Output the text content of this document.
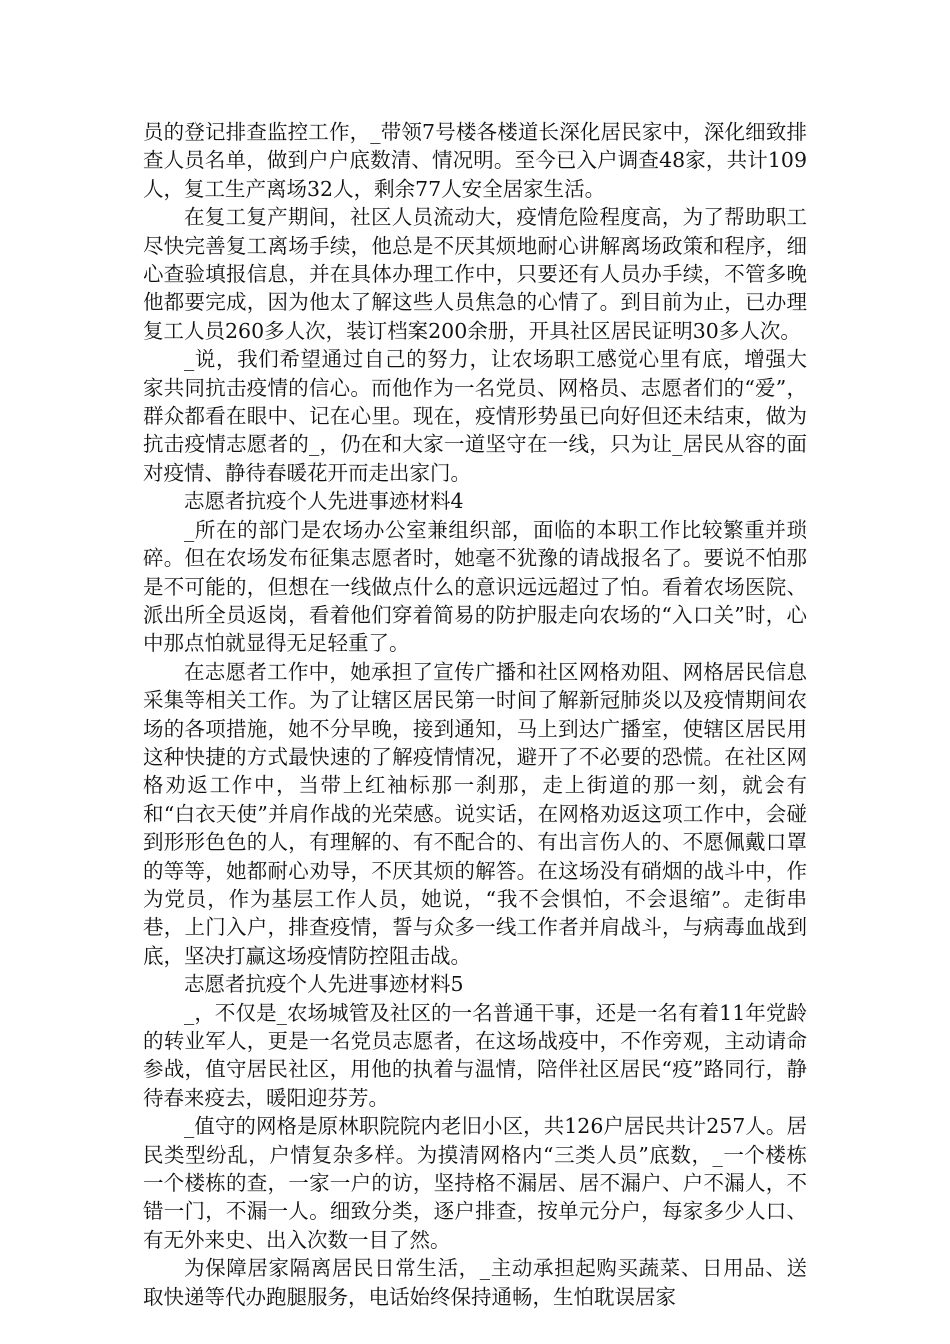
员的登记排查监控工作，_带领7号楼各楼道长深化居民家中，深化细致排查人员名单，做到户户底数清、情况明。至今已入户调查48家，共计109人，复工生产离场32人，剩余77人安全居家生活。

在复工复产期间，社区人员流动大，疫情危险程度高，为了帮助职工尽快完善复工离场手续，他总是不厌其烦地耐心讲解离场政策和程序，细心查验填报信息，并在具体办理工作中，只要还有人员办手续，不管多晚他都要完成，因为他太了解这些人员焦急的心情了。到目前为止，已办理复工人员260多人次，装订档案200余册，开具社区居民证明30多人次。

_说，我们希望通过自己的努力，让农场职工感觉心里有底，增强大家共同抗击疫情的信心。而他作为一名党员、网格员、志愿者们的“爱”，群众都看在眼中、记在心里。现在，疫情形势虽已向好但还未结束，做为抗击疫情志愿者的_，仍在和大家一道坚守在一线，只为让_居民从容的面对疫情、静待春暖花开而走出家门。

志愿者抗疫个人先进事迹材料4

_所在的部门是农场办公室兼组织部，面临的本职工作比较繁重并琐碎。但在农场发布征集志愿者时，她毫不犹豫的请战报名了。要说不怕那是不可能的，但想在一线做点什么的意识远远超过了怕。看着农场医院、派出所全员返岗，看着他们穿着简易的防护服走向农场的“入口关”时，心中那点怕就显得无足轻重了。

在志愿者工作中，她承担了宣传广播和社区网格劝阻、网格居民信息采集等相关工作。为了让辖区居民第一时间了解新冠肺炎以及疫情期间农场的各项措施，她不分早晚，接到通知，马上到达广播室，使辖区居民用这种快捷的方式最快速的了解疫情情况，避开了不必要的恐慌。在社区网格劝返工作中，当带上红袖标那一刹那，走上街道的那一刻，就会有和“白衣天使”并肩作战的光荣感。说实话，在网格劝返这项工作中，会碰到形形色色的人，有理解的、有不配合的、有出言伤人的、不愿佩戴口罩的等等，她都耐心劝导，不厌其烦的解答。在这场没有硝烟的战斗中，作为党员，作为基层工作人员，她说，“我不会惧怕，不会退缩”。走街串巷，上门入户，排查疫情，誓与众多一线工作者并肩战斗，与病毒血战到底，坚决打赢这场疫情防控阻击战。

志愿者抗疫个人先进事迹材料5

_，不仅是_农场城管及社区的一名普通干事，还是一名有着11年党龄的转业军人，更是一名党员志愿者，在这场战疫中，不作旁观，主动请命参战，值守居民社区，用他的执着与温情，陪伴社区居民“疫”路同行，静待春来疫去，暖阳迎芬芳。

_值守的网格是原林职院院内老旧小区，共126户居民共计257人。居民类型纷乱，户情复杂多样。为摸清网格内“三类人员”底数，_一个楼栋一个楼栋的查，一家一户的访，坚持格不漏居、居不漏户、户不漏人，不错一门，不漏一人。细致分类，逐户排查，按单元分户，每家多少人口、有无外来史、出入次数一目了然。

为保障居家隔离居民日常生活，_主动承担起购买蔬菜、日用品、送取快递等代办跑腿服务，电话始终保持通畅，生怕耽误居家
